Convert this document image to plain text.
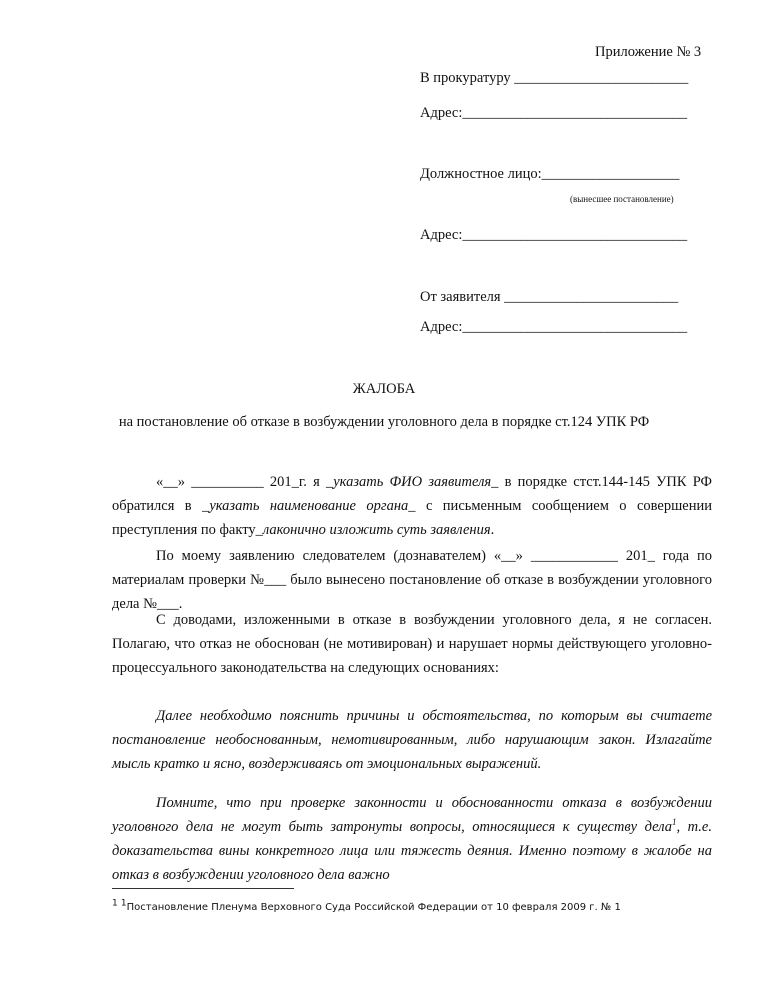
Приложение № 3
В прокуратуру ________________________
Адрес:_______________________________
Должностное лицо:___________________
(вынесшее постановление)
Адрес:_______________________________
От заявителя ________________________
Адрес:_______________________________
ЖАЛОБА
на постановление об отказе в возбуждении уголовного дела в порядке ст.124 УПК РФ
«__» __________ 201_г. я _указать ФИО заявителя_ в порядке стст.144-145 УПК РФ обратился в _указать наименование органа_ с письменным сообщением о совершении преступления по факту_лаконично изложить суть заявления.
По моему заявлению следователем (дознавателем) «__» ____________ 201_ года по материалам проверки №___ было вынесено постановление об отказе в возбуждении уголовного дела №___.
С доводами, изложенными в отказе в возбуждении уголовного дела, я не согласен. Полагаю, что отказ не обоснован (не мотивирован) и нарушает нормы действующего уголовно-процессуального законодательства на следующих основаниях:
Далее необходимо пояснить причины и обстоятельства, по которым вы считаете постановление необоснованным, немотивированным, либо нарушающим закон. Излагайте мысль кратко и ясно, воздерживаясь от эмоциональных выражений.
Помните, что при проверке законности и обоснованности отказа в возбуждении уголовного дела не могут быть затронуты вопросы, относящиеся к существу дела$^1$, т.е. доказательства вины конкретного лица или тяжесть деяния. Именно поэтому в жалобе на отказ в возбуждении уголовного дела важно
$^1$ $^1$Постановление Пленума Верховного Суда Российской Федерации от 10 февраля 2009 г. № 1
